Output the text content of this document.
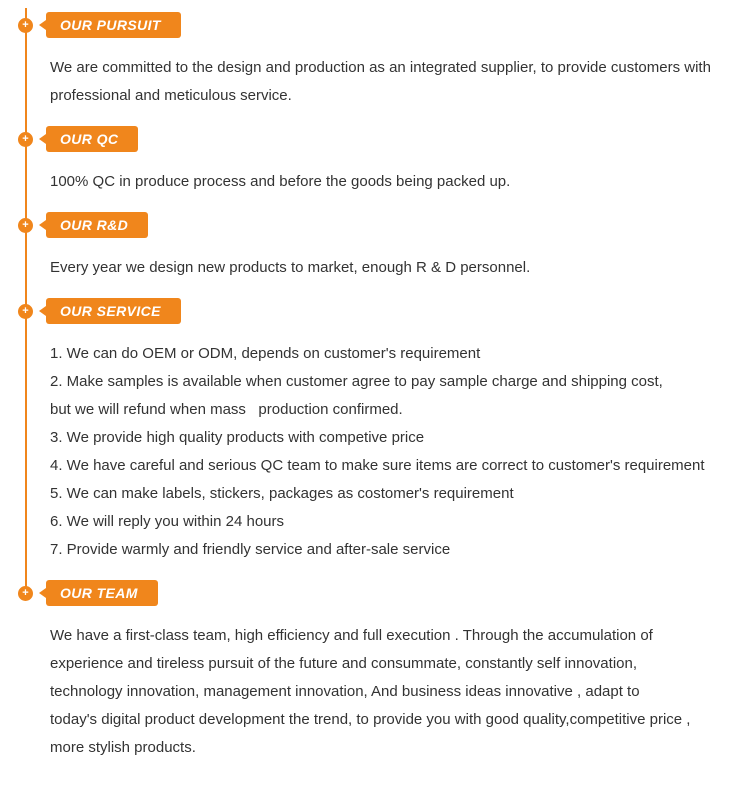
+	OUR PURSUIT

We are committed to the design and production as an integrated supplier, to provide customers with

professional and meticulous service.

+	OUR QC

100% QC in produce process and before the goods being packed up.

+	OUR R&D

Every year we design new products to market, enough R & D personnel.

+	OUR SERVICE

1. We can do OEM or ODM, depends on customer's requirement

2. Make samples is available when customer agree to pay sample charge and shipping cost,

but we will refund when mass   production confirmed.

3. We provide high quality products with competive price

4. We have careful and serious QC team to make sure items are correct to customer's requirement

5. We can make labels, stickers, packages as costomer's requirement

6. We will reply you within 24 hours

7. Provide warmly and friendly service and after-sale service

+	OUR TEAM

We have a first-class team, high efficiency and full execution . Through the accumulation of

experience and tireless pursuit of the future and consummate, constantly self innovation,

technology innovation, management innovation, And business ideas innovative , adapt to

today's digital product development the trend, to provide you with good quality,competitive price ,

more stylish products.
